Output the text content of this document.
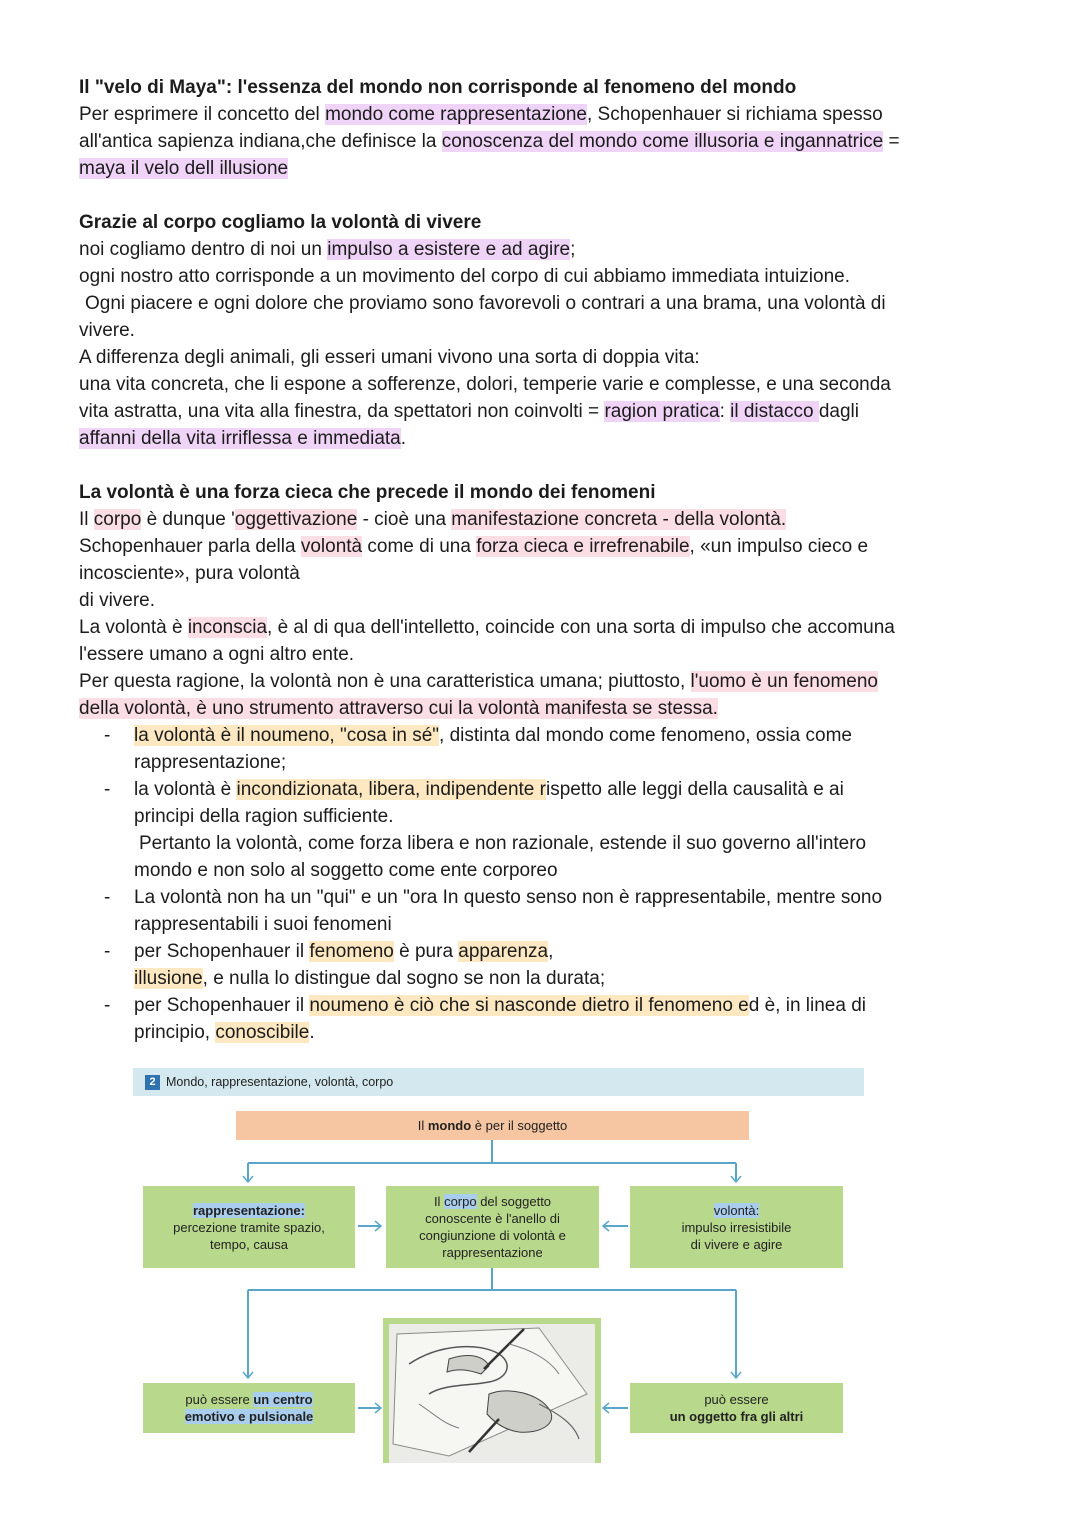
Il "velo di Maya": l'essenza del mondo non corrisponde al fenomeno del mondo
Per esprimere il concetto del mondo come rappresentazione, Schopenhauer si richiama spesso
all'antica sapienza indiana,che definisce la conoscenza del mondo come illusoria e ingannatrice =
maya il velo dell illusione
Grazie al corpo cogliamo la volontà di vivere
noi cogliamo dentro di noi un impulso a esistere e ad agire;
ogni nostro atto corrisponde a un movimento del corpo di cui abbiamo immediata intuizione.
Ogni piacere e ogni dolore che proviamo sono favorevoli o contrari a una brama, una volontà di
vivere.
A differenza degli animali, gli esseri umani vivono una sorta di doppia vita:
una vita concreta, che li espone a sofferenze, dolori, temperie varie e complesse, e una seconda
vita astratta, una vita alla finestra, da spettatori non coinvolti = ragion pratica: il distacco dagli
affanni della vita irriflessa e immediata.
La volontà è una forza cieca che precede il mondo dei fenomeni
Il corpo è dunque 'oggettivazione - cioè una manifestazione concreta - della volontà.
Schopenhauer parla della volontà come di una forza cieca e irrefrenabile, «un impulso cieco e
incosciente», pura volontà
di vivere.
La volontà è inconscia, è al di qua dell'intelletto, coincide con una sorta di impulso che accomuna
l'essere umano a ogni altro ente.
Per questa ragione, la volontà non è una caratteristica umana; piuttosto, l'uomo è un fenomeno
della volontà, è uno strumento attraverso cui la volontà manifesta se stessa.
- la volontà è il noumeno, "cosa in sé", distinta dal mondo come fenomeno, ossia come
rappresentazione;
- la volontà è incondizionata, libera, indipendente rispetto alle leggi della causalità e ai
principi della ragion sufficiente.
Pertanto la volontà, come forza libera e non razionale, estende il suo governo all'intero
mondo e non solo al soggetto come ente corporeo
- La volontà non ha un "qui" e un "ora In questo senso non è rappresentabile, mentre sono
rappresentabili i suoi fenomeni
- per Schopenhauer il fenomeno è pura apparenza,
illusione, e nulla lo distingue dal sogno se non la durata;
- per Schopenhauer il noumeno è ciò che si nasconde dietro il fenomeno ed è, in linea di
principio, conoscibile.
2 Mondo, rappresentazione, volontà, corpo
Il mondo è per il soggetto
rappresentazione:
percezione tramite spazio,
tempo, causa
Il corpo del soggetto
conoscente è l'anello di
congiunzione di volontà e
rappresentazione
volontà:
impulso irresistibile
di vivere e agire
può essere un centro
emotivo e pulsionale
può essere
un oggetto fra gli altri
